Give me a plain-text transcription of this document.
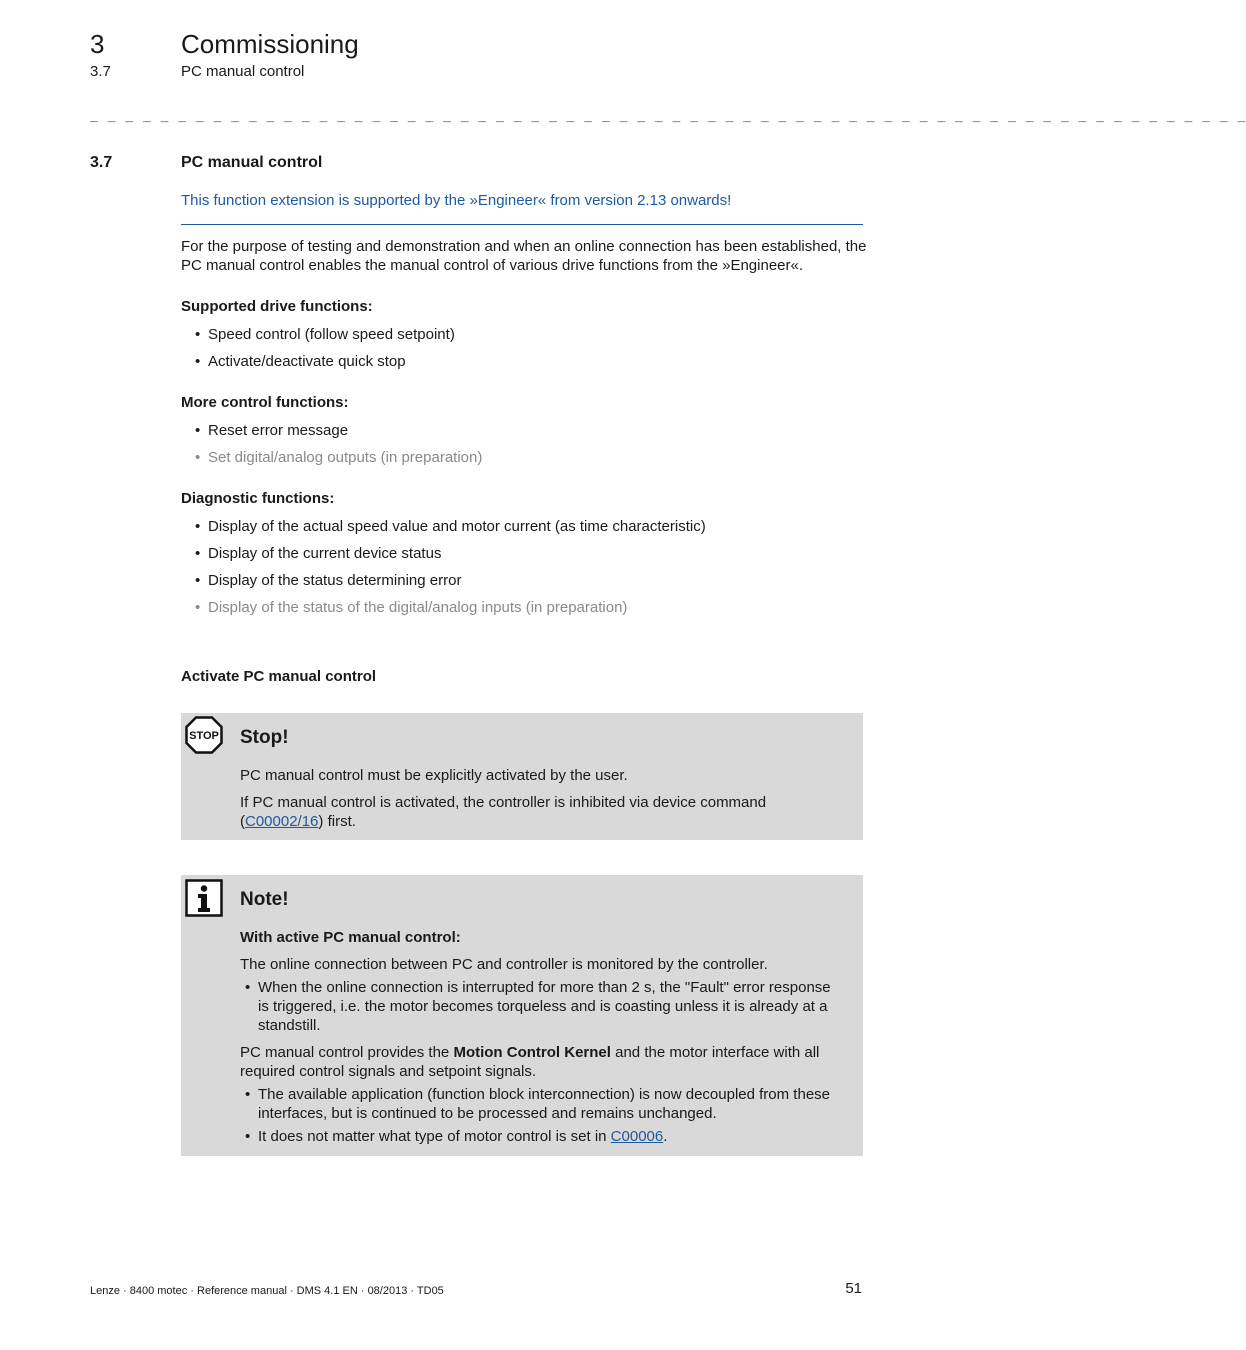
3	Commissioning
3.7	PC manual control
_ _ _ _ _ _ _ _ _ _ _ _ _ _ _ _ _ _ _ _ _ _ _ _ _ _ _ _ _ _ _ _ _ _ _ _ _ _ _ _ _ _ _ _ _ _ _ _ _ _ _ _ _ _ _ _ _ _ _ _ _ _ _ _ _ _
3.7	PC manual control
This function extension is supported by the »Engineer« from version 2.13 onwards!
For the purpose of testing and demonstration and when an online connection has been established, the PC manual control enables the manual control of various drive functions from the »Engineer«.
Supported drive functions:
• Speed control (follow speed setpoint)
• Activate/deactivate quick stop
More control functions:
• Reset error message
• Set digital/analog outputs (in preparation)
Diagnostic functions:
• Display of the actual speed value and motor current (as time characteristic)
• Display of the current device status
• Display of the status determining error
• Display of the status of the digital/analog inputs (in preparation)
Activate PC manual control
STOP Stop!
PC manual control must be explicitly activated by the user.
If PC manual control is activated, the controller is inhibited via device command (C00002/16) first.
Note!
With active PC manual control:
The online connection between PC and controller is monitored by the controller.
• When the online connection is interrupted for more than 2 s, the "Fault" error response is triggered, i.e. the motor becomes torqueless and is coasting unless it is already at a standstill.
PC manual control provides the Motion Control Kernel and the motor interface with all required control signals and setpoint signals.
• The available application (function block interconnection) is now decoupled from these interfaces, but is continued to be processed and remains unchanged.
• It does not matter what type of motor control is set in C00006.
Lenze · 8400 motec · Reference manual · DMS 4.1 EN · 08/2013 · TD05	51
